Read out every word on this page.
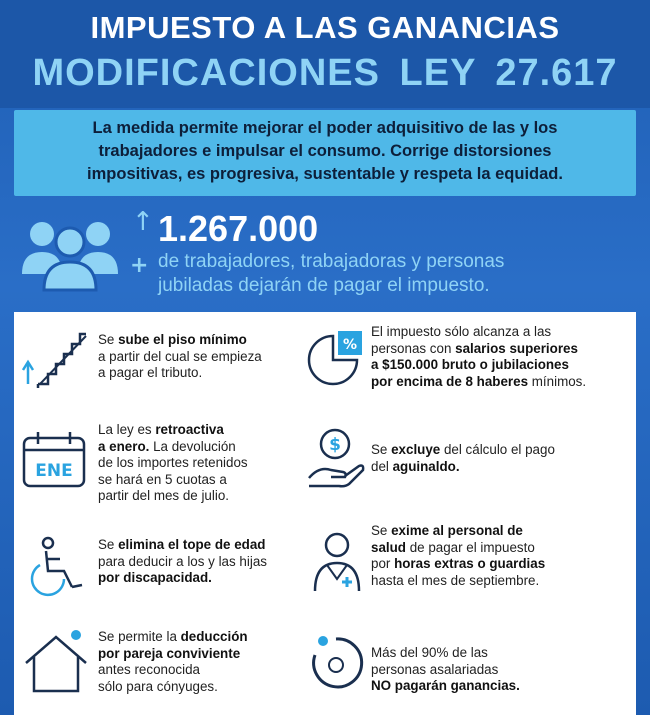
IMPUESTO A LAS GANANCIAS
MODIFICACIONES LEY 27.617
La medida permite mejorar el poder adquisitivo de las y los
trabajadores e impulsar el consumo. Corrige distorsiones
impositivas, es progresiva, sustentable y respeta la equidad.
↑
+
1.267.000
de trabajadores, trabajadoras y personas
jubiladas dejarán de pagar el impuesto.
Se sube el piso mínimo
a partir del cual se empieza
a pagar el tributo.
%
El impuesto sólo alcanza a las
personas con salarios superiores
a $150.000 bruto o jubilaciones
por encima de 8 haberes mínimos.
ENE
La ley es retroactiva
a enero. La devolución
de los importes retenidos
se hará en 5 cuotas a
partir del mes de julio.
$ Se excluye del cálculo el pago
del aguinaldo.
Se elimina el tope de edad
para deducir a los y las hijas
por discapacidad.
Se exime al personal de
salud de pagar el impuesto
por horas extras o guardias
hasta el mes de septiembre.
Se permite la deducción
por pareja conviviente
antes reconocida
sólo para cónyuges.
Más del 90% de las
personas asalariadas
NO pagarán ganancias.
